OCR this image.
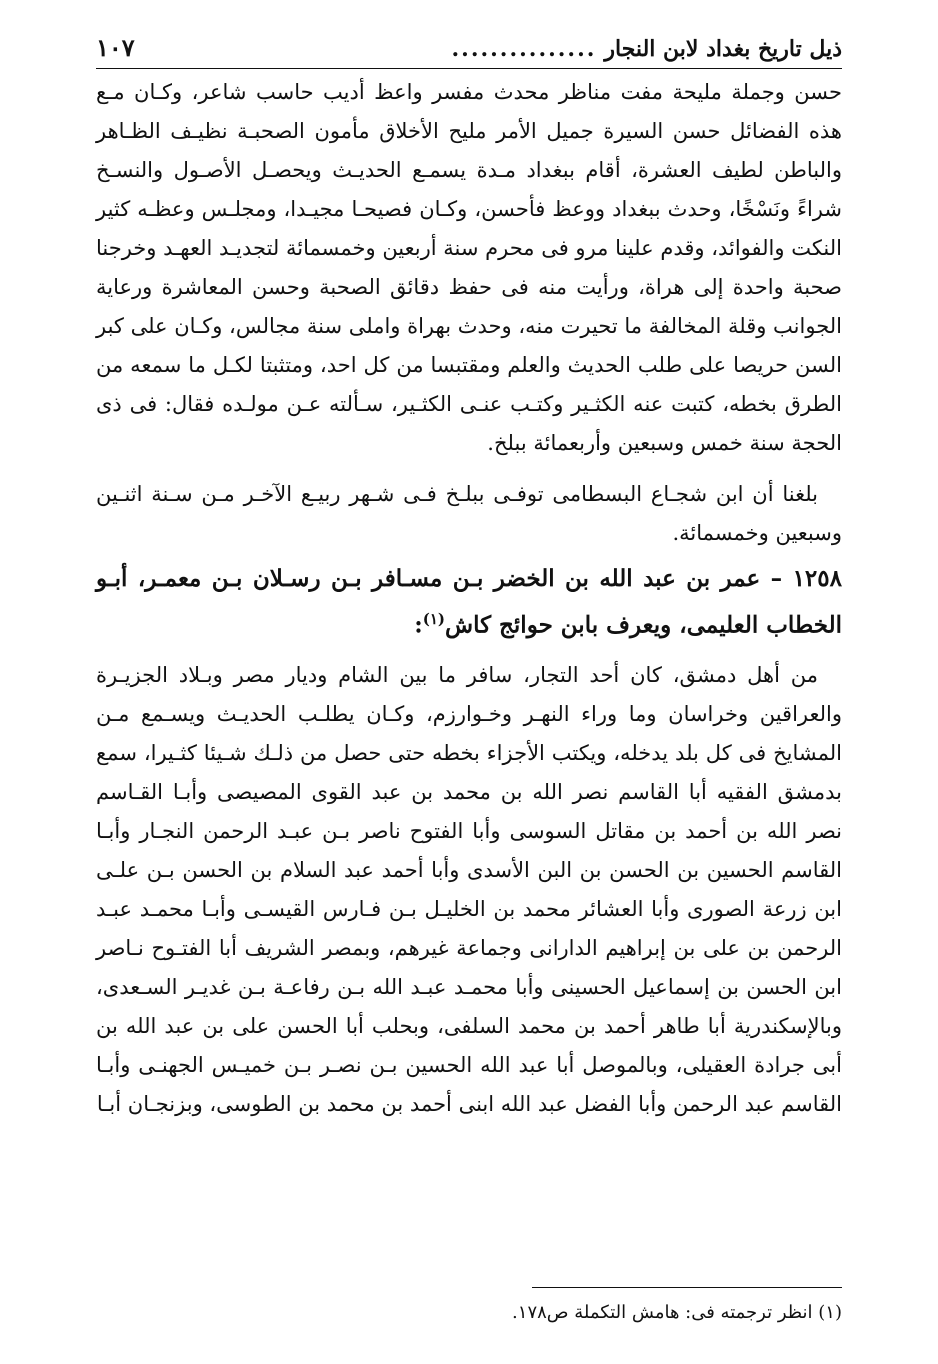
ذيل تاريخ بغداد لابن النجار
...............
١٠٧

حسن وجملة مليحة مفت مناظر محدث مفسر واعظ أديب حاسب شاعر، وكـان مـع هذه الفضائل حسن السيرة جميل الأمر مليح الأخلاق مأمون الصحبـة نظيـف الظـاهر والباطن لطيف العشرة، أقام ببغداد مـدة يسمـع الحديـث ويحصـل الأصـول والنسـخ شراءً ونَسْخًا، وحدث ببغداد ووعظ فأحسن، وكـان فصيحـا مجيـدا، ومجلـس وعظـه كثير النكت والفوائد، وقدم علينا مرو فى محرم سنة أربعين وخمسمائة لتجديـد العهـد وخرجنا صحبة واحدة إلى هراة، ورأيت منه فى حفظ دقائق الصحبة وحسن المعاشرة ورعاية الجوانب وقلة المخالفة ما تحيرت منه، وحدث بهراة واملى سنة مجالس، وكـان على كبر السن حريصا على طلب الحديث والعلم ومقتبسا من كل احد، ومتثبتا لكـل ما سمعه من الطرق بخطه، كتبت عنه الكثـير وكتـب عنـى الكثـير، سـألته عـن مولـده فقال: فى ذى الحجة سنة خمس وسبعين وأربعمائة ببلخ.

بلغنا أن ابن شجـاع البسطامى توفـى ببلـخ فـى شـهر ربيـع الآخـر مـن سـنة اثنـين وسبعين وخمسمائة.

١٢٥٨ – عمر بن عبد الله بن الخضر بـن مسـافر بـن رسـلان بـن معمـر، أبـو الخطاب العليمى، ويعرف بابن حوائج كاش$^{(١)}$:

من أهل دمشق، كان أحد التجار، سافر ما بين الشام وديار مصر وبـلاد الجزيـرة والعراقين وخراسان وما وراء النهـر وخـوارزم، وكـان يطلـب الحديـث ويسـمع مـن المشايخ فى كل بلد يدخله، ويكتب الأجزاء بخطه حتى حصل من ذلـك شـيئا كثـيرا، سمع بدمشق الفقيه أبا القاسم نصر الله بن محمد بن عبد القوى المصيصى وأبـا القـاسم نصر الله بن أحمد بن مقاتل السوسى وأبا الفتوح ناصر بـن عبـد الرحمن النجـار وأبـا القاسم الحسين بن الحسن بن البن الأسدى وأبا أحمد عبد السلام بن الحسن بـن علـى ابن زرعة الصورى وأبا العشائر محمد بن الخليـل بـن فـارس القيسـى وأبـا محمـد عبـد الرحمن بن على بن إبراهيم الدارانى وجماعة غيرهم، وبمصر الشريف أبا الفتـوح نـاصر ابن الحسن بن إسماعيل الحسينى وأبا محمـد عبـد الله بـن رفاعـة بـن غديـر السـعدى، وبالإسكندرية أبا طاهر أحمد بن محمد السلفى، وبحلب أبا الحسن على بن عبد الله بن أبى جرادة العقيلى، وبالموصل أبا عبد الله الحسين بـن نصـر بـن خميـس الجهنـى وأبـا القاسم عبد الرحمن وأبا الفضل عبد الله ابنى أحمد بن محمد بن الطوسى، وبزنجـان أبـا

(١) انظر ترجمته فى: هامش التكملة ص١٧٨.
